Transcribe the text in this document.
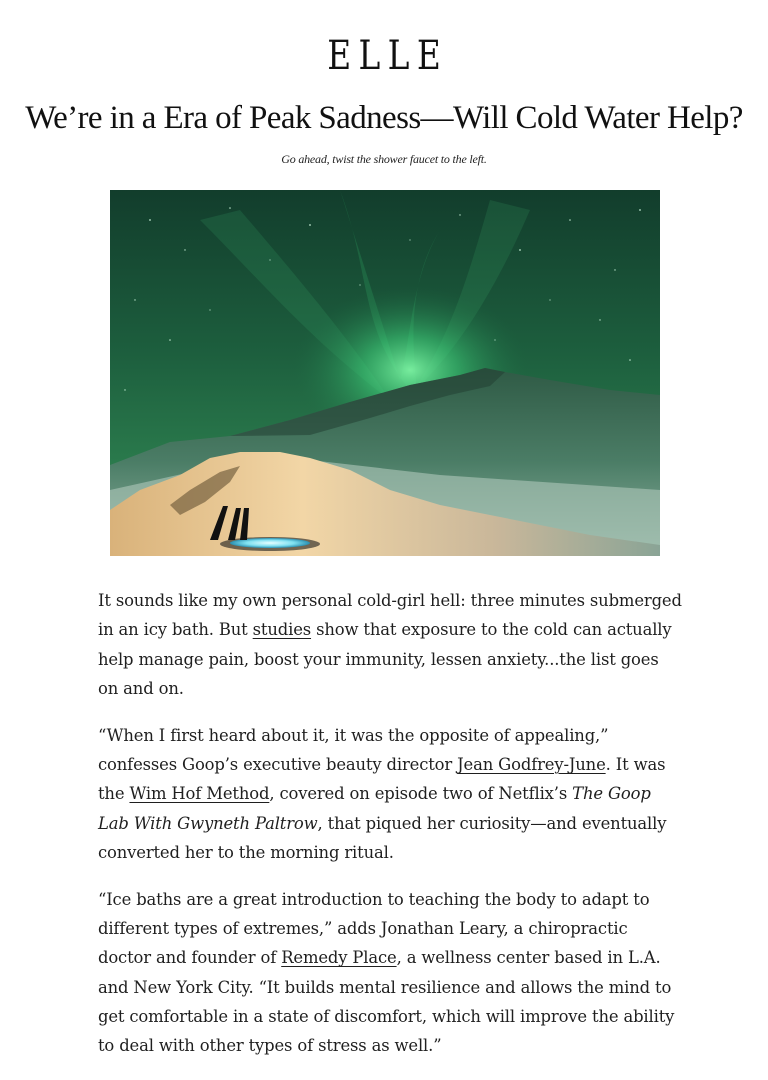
ELLE
We’re in a Era of Peak Sadness—Will Cold Water Help?
Go ahead, twist the shower faucet to the left.

It sounds like my own personal cold-girl hell: three minutes submerged in an icy bath. But studies show that exposure to the cold can actually help manage pain, boost your immunity, lessen anxiety...the list goes on and on.

“When I first heard about it, it was the opposite of appealing,” confesses Goop’s executive beauty director Jean Godfrey-June. It was the Wim Hof Method, covered on episode two of Netflix’s The Goop Lab With Gwyneth Paltrow, that piqued her curiosity—and eventually converted her to the morning ritual.

“Ice baths are a great introduction to teaching the body to adapt to different types of extremes,” adds Jonathan Leary, a chiropractic doctor and founder of Remedy Place, a wellness center based in L.A. and New York City. “It builds mental resilience and allows the mind to get comfortable in a state of discomfort, which will improve the ability to deal with other types of stress as well.”
